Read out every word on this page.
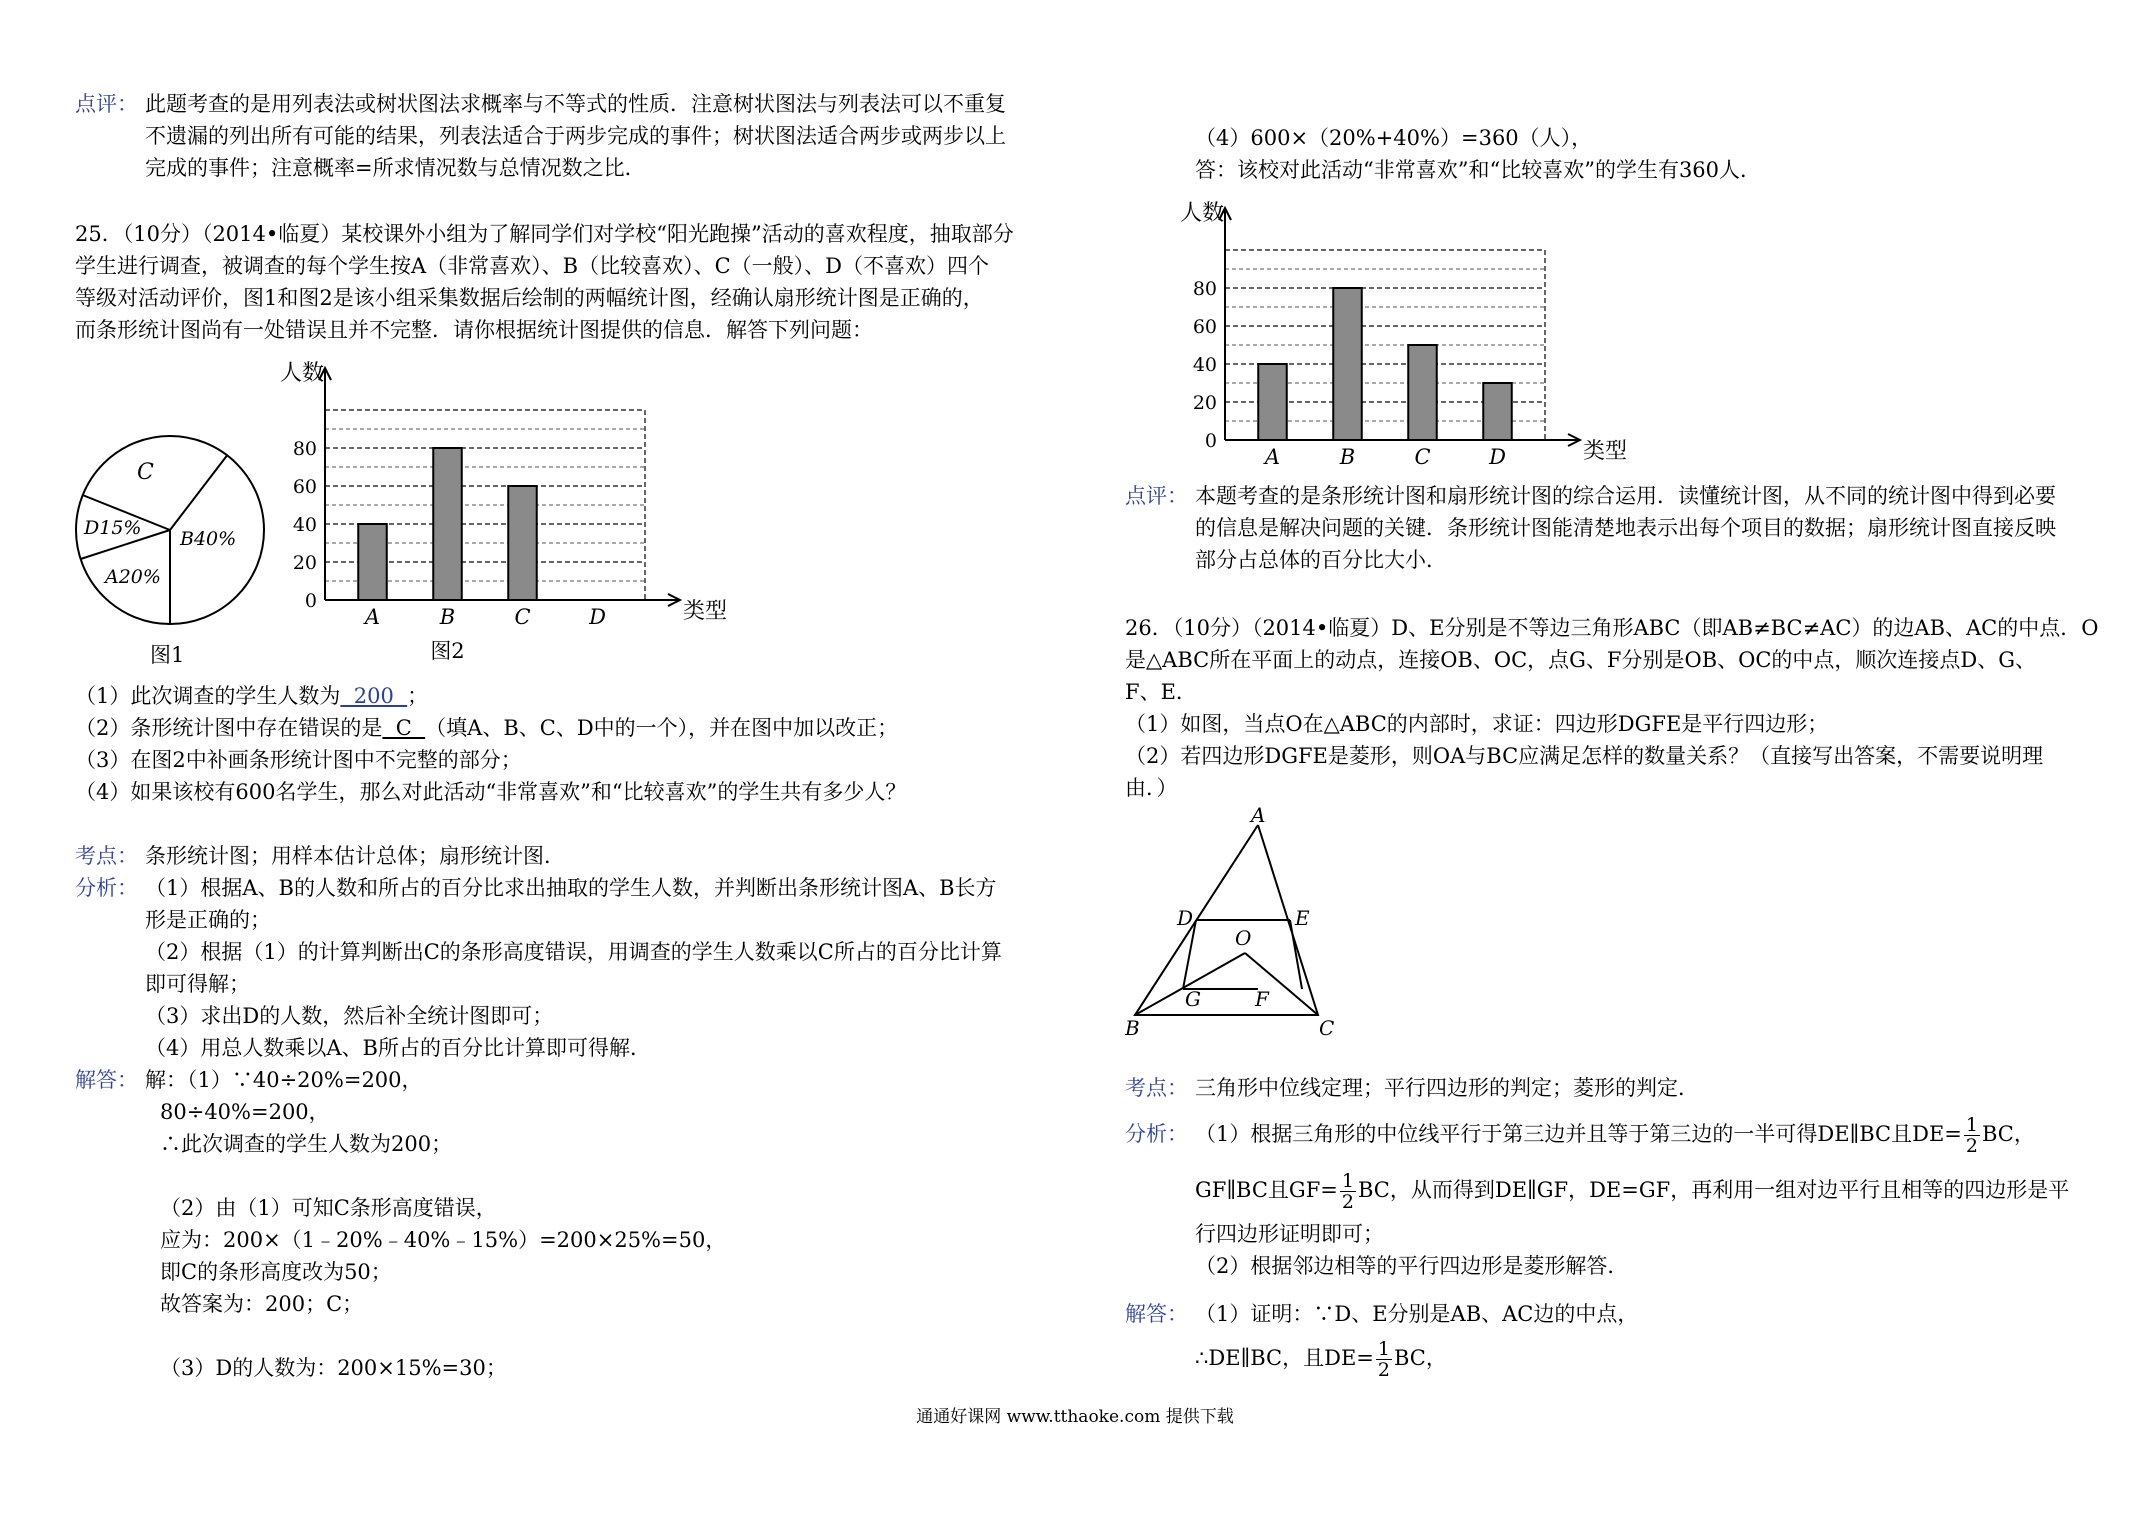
点评： 此题考查的是用列表法或树状图法求概率与不等式的性质．注意树状图法与列表法可以不重复
不遗漏的列出所有可能的结果，列表法适合于两步完成的事件；树状图法适合两步或两步以上
完成的事件；注意概率=所求情况数与总情况数之比．
25．（10分）（2014•临夏）某校课外小组为了解同学们对学校“阳光跑操”活动的喜欢程度，抽取部分
学生进行调查，被调查的每个学生按A（非常喜欢）、B（比较喜欢）、C（一般）、D（不喜欢）四个
等级对活动评价，图1和图2是该小组采集数据后绘制的两幅统计图，经确认扇形统计图是正确的，
而条形统计图尚有一处错误且并不完整．请你根据统计图提供的信息．解答下列问题：
C
D15% B40%
A20%
图1
人数
类型
0
20
40
60
80
A	B	C	D
图2
（1）此次调查的学生人数为  200  ；
（2）条形统计图中存在错误的是  C  （填A、B、C、D中的一个），并在图中加以改正；
（3）在图2中补画条形统计图中不完整的部分；
（4）如果该校有600名学生，那么对此活动“非常喜欢”和“比较喜欢”的学生共有多少人？
考点： 条形统计图；用样本估计总体；扇形统计图．
分析： （1）根据A、B的人数和所占的百分比求出抽取的学生人数，并判断出条形统计图A、B长方
形是正确的；
（2）根据（1）的计算判断出C的条形高度错误，用调查的学生人数乘以C所占的百分比计算
即可得解；
（3）求出D的人数，然后补全统计图即可；
（4）用总人数乘以A、B所占的百分比计算即可得解．
解答： 解：（1）∵40÷20%=200，
80÷40%=200，
∴此次调查的学生人数为200；
（2）由（1）可知C条形高度错误，
应为：200×（1﹣20%﹣40%﹣15%）=200×25%=50，
即C的条形高度改为50；
故答案为：200；C；
（3）D的人数为：200×15%=30；
（4）600×（20%+40%）=360（人），
答：该校对此活动“非常喜欢”和“比较喜欢”的学生有360人．
人数
类型
0
20
40
60
80
A	B	C	D
点评： 本题考查的是条形统计图和扇形统计图的综合运用．读懂统计图，从不同的统计图中得到必要
的信息是解决问题的关键．条形统计图能清楚地表示出每个项目的数据；扇形统计图直接反映
部分占总体的百分比大小．
26．（10分）（2014•临夏）D、E分别是不等边三角形ABC（即AB≠BC≠AC）的边AB、AC的中点．O
是△ABC所在平面上的动点，连接OB、OC，点G、F分别是OB、OC的中点，顺次连接点D、G、
F、E．
（1）如图，当点O在△ABC的内部时，求证：四边形DGFE是平行四边形；
（2）若四边形DGFE是菱形，则OA与BC应满足怎样的数量关系？（直接写出答案，不需要说明理
由．）
A
D	E
O
G	F
B	C
考点： 三角形中位线定理；平行四边形的判定；菱形的判定．
分析： （1）根据三角形的中位线平行于第三边并且等于第三边的一半可得DE∥BC且$DE= \frac{1}{2}$ BC，
GF∥BC且$GF= \frac{1}{2}$ BC，从而得到DE∥GF，DE=GF，再利用一组对边平行且相等的四边形是平
行四边形证明即可；
（2）根据邻边相等的平行四边形是菱形解答．
解答： （1）证明：∵D、E分别是AB、AC边的中点，
∴DE∥BC，且$DE= \frac{1}{2}$ BC，
通通好课网 www.tthaoke.com 提供下载
